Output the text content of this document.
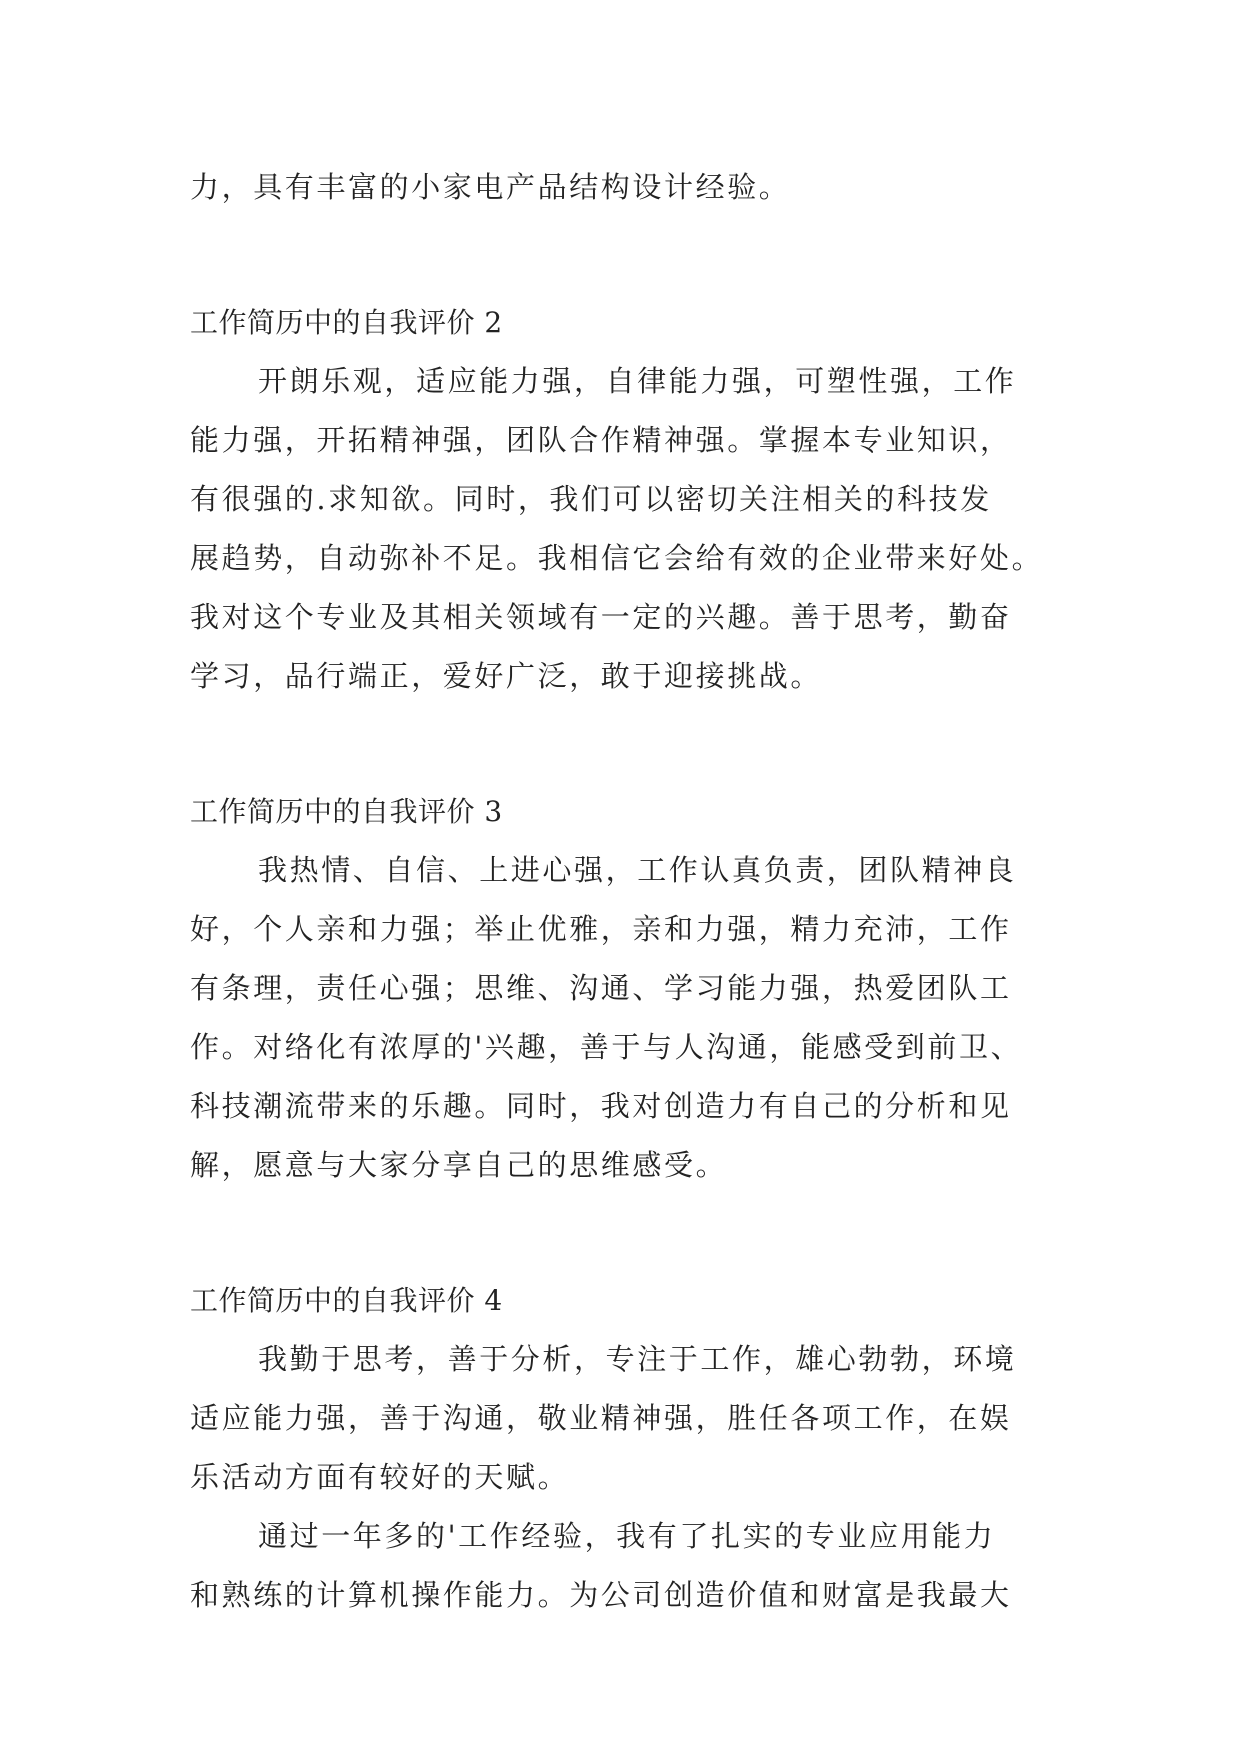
力，具有丰富的小家电产品结构设计经验。
工作简历中的自我评价 2
开朗乐观，适应能力强，自律能力强，可塑性强，工作
能力强，开拓精神强，团队合作精神强。掌握本专业知识，
有很强的.求知欲。同时，我们可以密切关注相关的科技发
展趋势，自动弥补不足。我相信它会给有效的企业带来好处。
我对这个专业及其相关领域有一定的兴趣。善于思考，勤奋
学习，品行端正，爱好广泛，敢于迎接挑战。
工作简历中的自我评价 3
我热情、自信、上进心强，工作认真负责，团队精神良
好，个人亲和力强；举止优雅，亲和力强，精力充沛，工作
有条理，责任心强；思维、沟通、学习能力强，热爱团队工
作。对络化有浓厚的'兴趣，善于与人沟通，能感受到前卫、
科技潮流带来的乐趣。同时，我对创造力有自己的分析和见
解，愿意与大家分享自己的思维感受。
工作简历中的自我评价 4
我勤于思考，善于分析，专注于工作，雄心勃勃，环境
适应能力强，善于沟通，敬业精神强，胜任各项工作，在娱
乐活动方面有较好的天赋。
通过一年多的'工作经验，我有了扎实的专业应用能力
和熟练的计算机操作能力。为公司创造价值和财富是我最大
